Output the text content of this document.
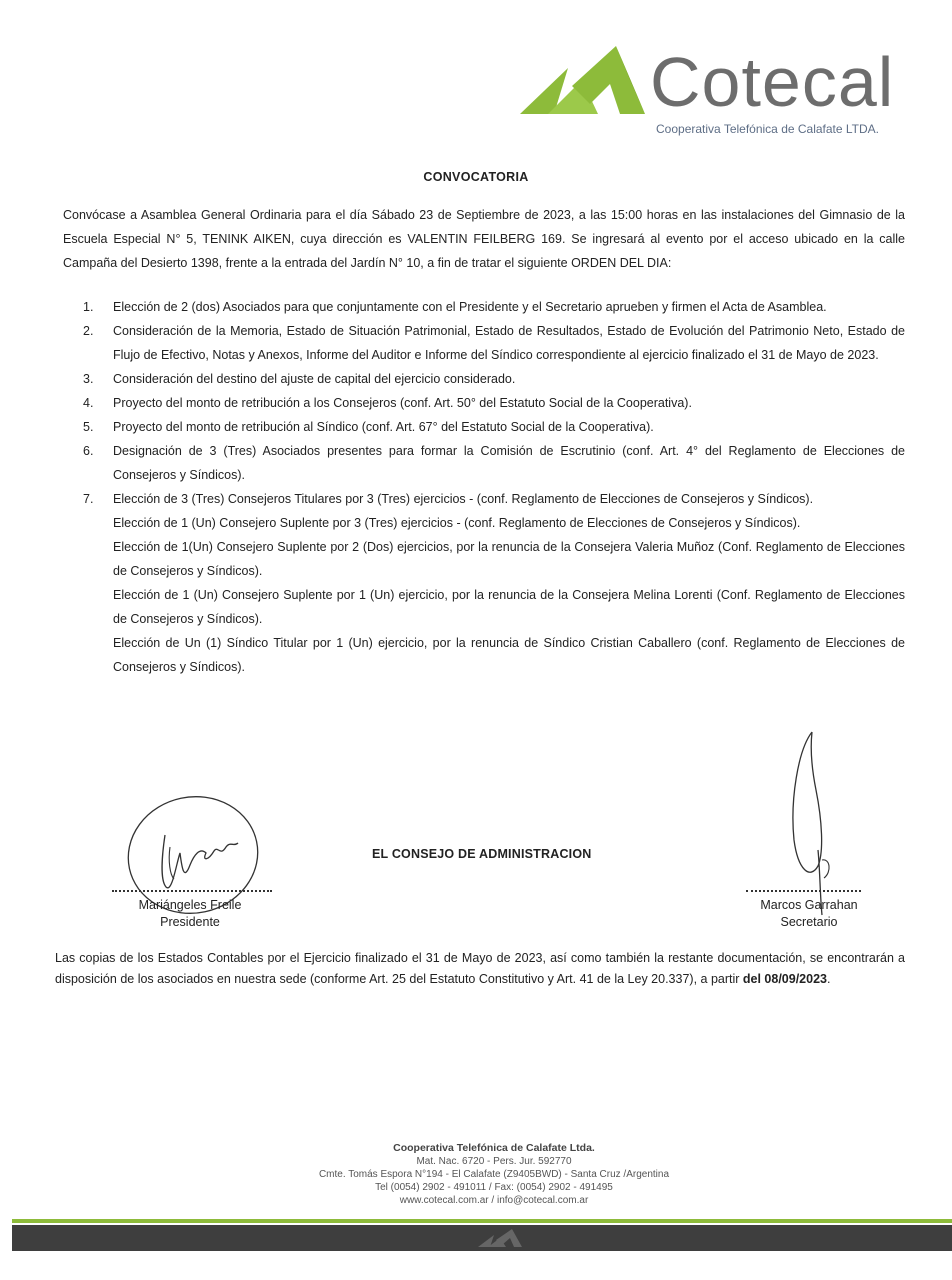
Cotecal
Cooperativa Telefónica de Calafate LTDA.
CONVOCATORIA

Convócase a Asamblea General Ordinaria para el día Sábado 23 de Septiembre de 2023, a las 15:00 horas en las instalaciones del Gimnasio de la Escuela Especial N° 5, TENINK AIKEN, cuya dirección es VALENTIN FEILBERG 169. Se ingresará al evento por el acceso ubicado en la calle Campaña del Desierto 1398, frente a la entrada del Jardín N° 10, a fin de tratar el siguiente ORDEN DEL DIA:

1. Elección de 2 (dos) Asociados para que conjuntamente con el Presidente y el Secretario aprueben y firmen el Acta de Asamblea.
2. Consideración de la Memoria, Estado de Situación Patrimonial, Estado de Resultados, Estado de Evolución del Patrimonio Neto, Estado de Flujo de Efectivo, Notas y Anexos, Informe del Auditor e Informe del Síndico correspondiente al ejercicio finalizado el 31 de Mayo de 2023.
3. Consideración del destino del ajuste de capital del ejercicio considerado.
4. Proyecto del monto de retribución a los Consejeros (conf. Art. 50° del Estatuto Social de la Cooperativa).
5. Proyecto del monto de retribución al Síndico (conf. Art. 67° del Estatuto Social de la Cooperativa).
6. Designación de 3 (Tres) Asociados presentes para formar la Comisión de Escrutinio (conf. Art. 4° del Reglamento de Elecciones de Consejeros y Síndicos).
7. Elección de 3 (Tres) Consejeros Titulares por 3 (Tres) ejercicios - (conf. Reglamento de Elecciones de Consejeros y Síndicos).
Elección de 1 (Un) Consejero Suplente por 3 (Tres) ejercicios - (conf. Reglamento de Elecciones de Consejeros y Síndicos).
Elección de 1(Un) Consejero Suplente por 2 (Dos) ejercicios, por la renuncia de la Consejera Valeria Muñoz (Conf. Reglamento de Elecciones de Consejeros y Síndicos).
Elección de 1 (Un) Consejero Suplente por 1 (Un) ejercicio, por la renuncia de la Consejera Melina Lorenti (Conf. Reglamento de Elecciones de Consejeros y Síndicos).
Elección de Un (1) Síndico Titular por 1 (Un) ejercicio, por la renuncia de Síndico Cristian Caballero (conf. Reglamento de Elecciones de Consejeros y Síndicos).
Mariángeles Freile
Presidente
EL CONSEJO DE ADMINISTRACION
Marcos Garrahan
Secretario

Las copias de los Estados Contables por el Ejercicio finalizado el 31 de Mayo de 2023, así como también la restante documentación, se encontrarán a disposición de los asociados en nuestra sede (conforme Art. 25 del Estatuto Constitutivo y Art. 41 de la Ley 20.337), a partir del 08/09/2023.

Cooperativa Telefónica de Calafate Ltda.
Mat. Nac. 6720 - Pers. Jur. 592770
Cmte. Tomás Espora N°194 - El Calafate (Z9405BWD) - Santa Cruz /Argentina
Tel (0054) 2902 - 491011 / Fax: (0054) 2902 - 491495
www.cotecal.com.ar / info@cotecal.com.ar
